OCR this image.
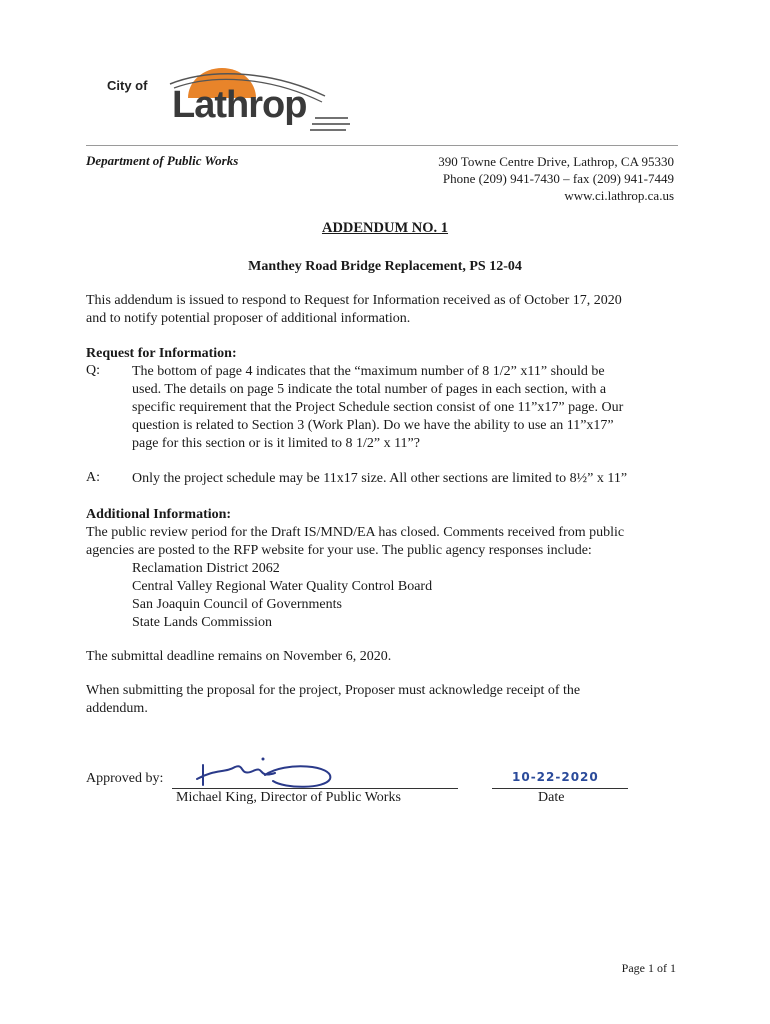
City of Lathrop
Department of Public Works	390 Towne Centre Drive, Lathrop, CA 95330
Phone (209) 941-7430 – fax (209) 941-7449
www.ci.lathrop.ca.us
ADDENDUM NO. 1
Manthey Road Bridge Replacement, PS 12-04
This addendum is issued to respond to Request for Information received as of October 17, 2020
and to notify potential proposer of additional information.
Request for Information:
Q: The bottom of page 4 indicates that the “maximum number of 8 1/2” x11” should be
used. The details on page 5 indicate the total number of pages in each section, with a
specific requirement that the Project Schedule section consist of one 11”x17” page. Our
question is related to Section 3 (Work Plan). Do we have the ability to use an 11”x17”
page for this section or is it limited to 8 1/2” x 11”?
A: Only the project schedule may be 11x17 size. All other sections are limited to 8½” x 11”
Additional Information:
The public review period for the Draft IS/MND/EA has closed. Comments received from public
agencies are posted to the RFP website for your use. The public agency responses include:
Reclamation District 2062
Central Valley Regional Water Quality Control Board
San Joaquin Council of Governments
State Lands Commission
The submittal deadline remains on November 6, 2020.
When submitting the proposal for the project, Proposer must acknowledge receipt of the
addendum.
Approved by:
Michael King, Director of Public Works
10-22-2020
Date
Page 1 of 1
